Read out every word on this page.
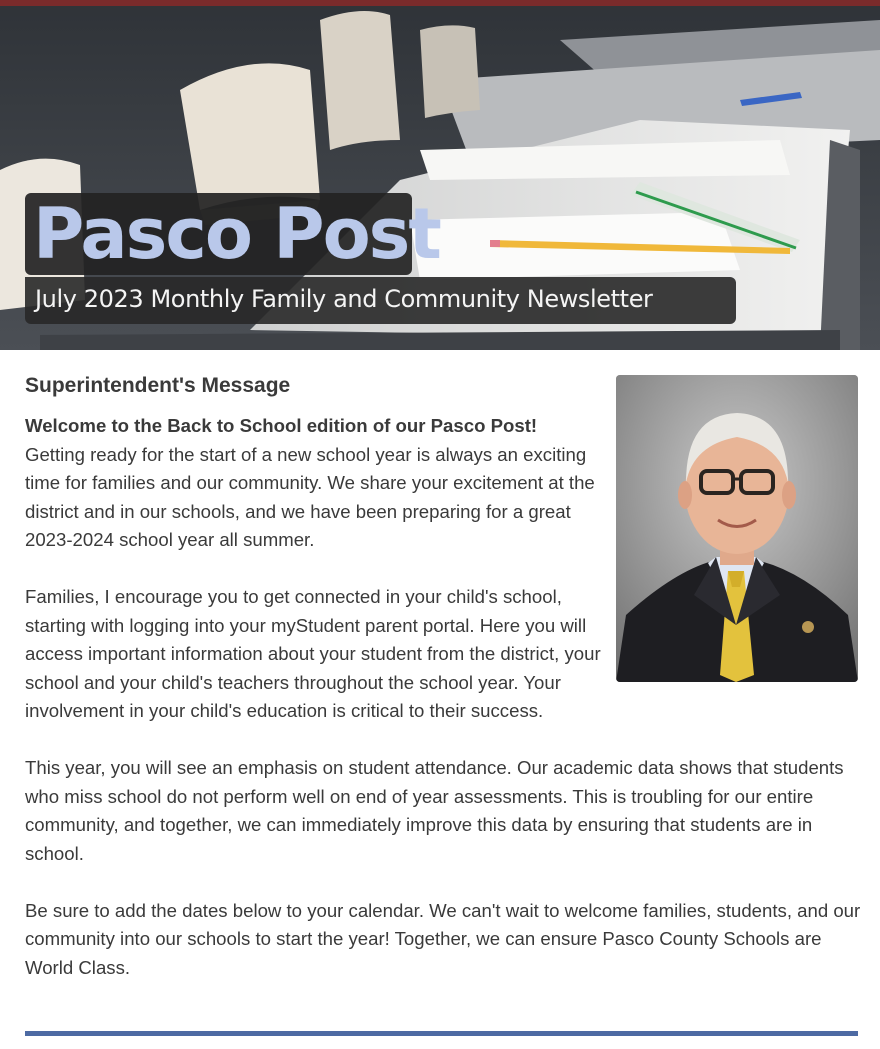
Pasco Post
July 2023 Monthly Family and Community Newsletter
Superintendent's Message

Welcome to the Back to School edition of our Pasco Post!
Getting ready for the start of a new school year is always an exciting time for families and our community. We share your excitement at the district and in our schools, and we have been preparing for a great 2023-2024 school year all summer.

Families, I encourage you to get connected in your child's school, starting with logging into your myStudent parent portal. Here you will access important information about your student from the district, your school and your child's teachers throughout the school year. Your involvement in your child's education is critical to their success.

This year, you will see an emphasis on student attendance. Our academic data shows that students who miss school do not perform well on end of year assessments. This is troubling for our entire community, and together, we can immediately improve this data by ensuring that students are in school.

Be sure to add the dates below to your calendar. We can't wait to welcome families, students, and our community into our schools to start the year! Together, we can ensure Pasco County Schools are World Class.
